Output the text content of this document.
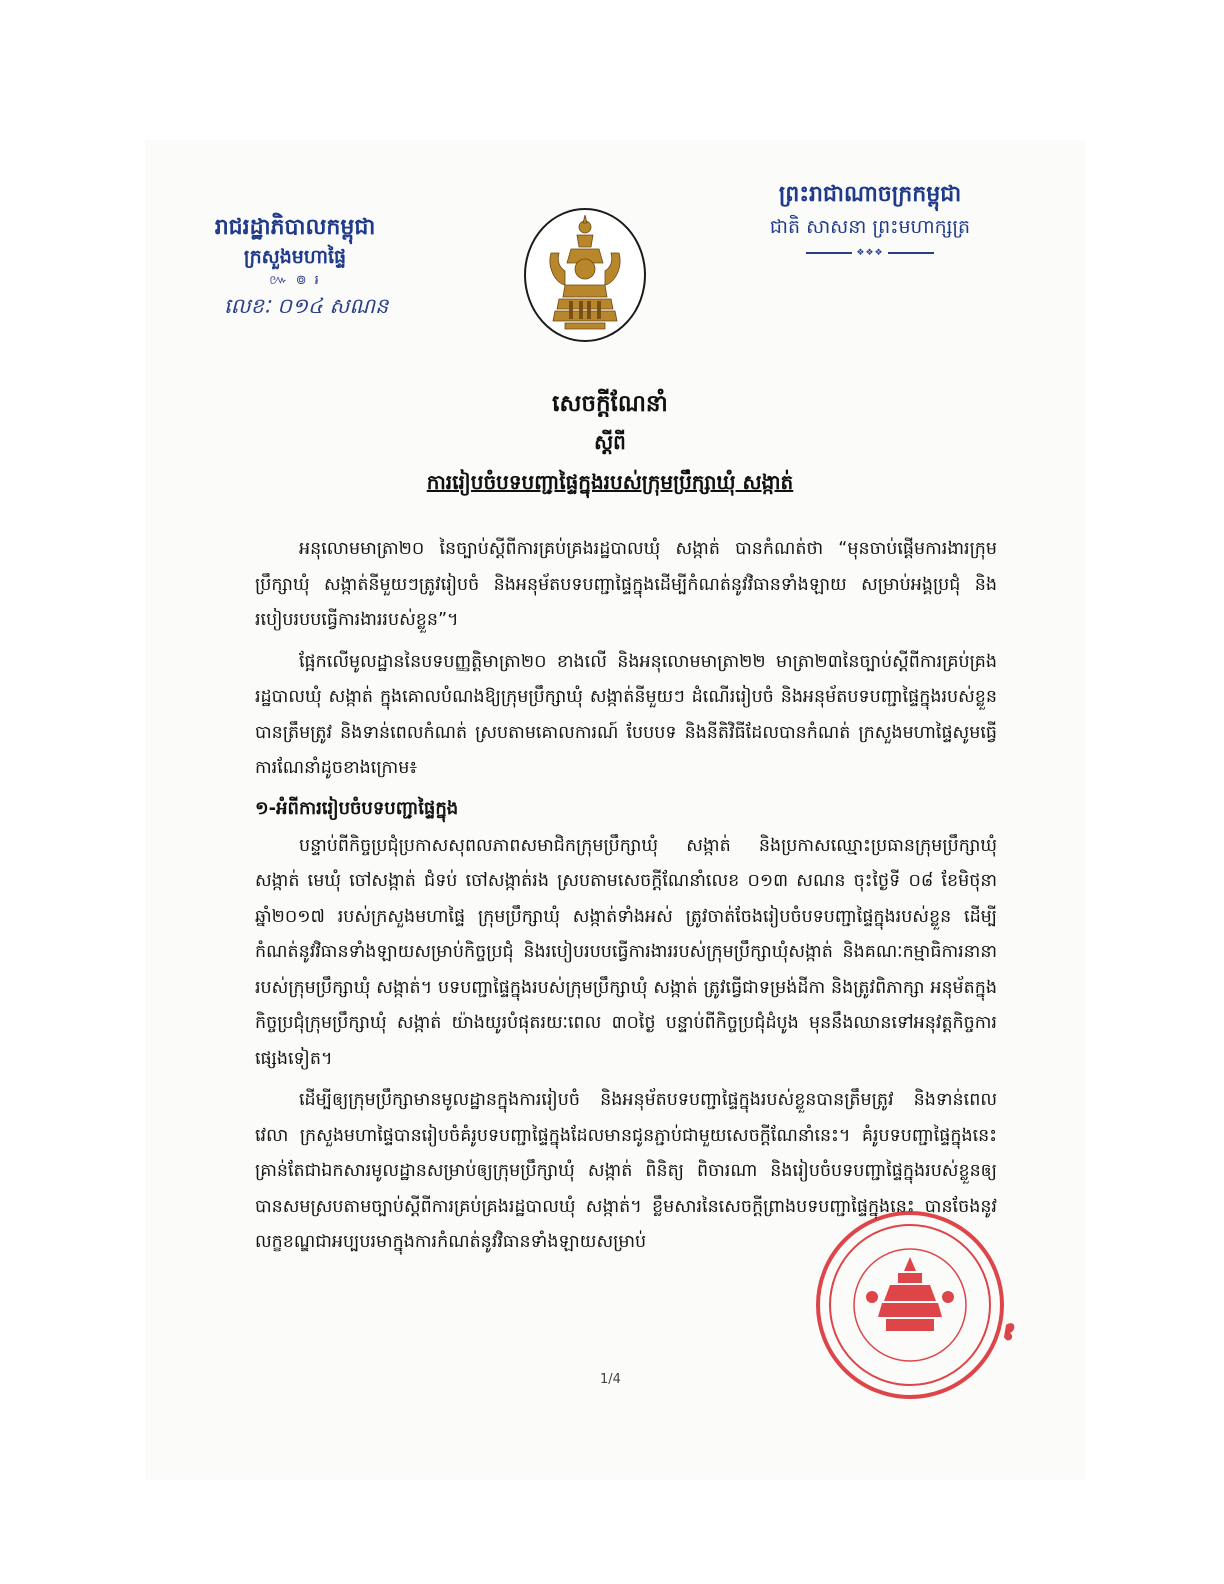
រាជរដ្ឋាភិបាលកម្ពុជា
ក្រសួងមហាផ្ទៃ
៚ ៙ ៛
លេខៈ ០១៤ សណន
ព្រះរាជាណាចក្រកម្ពុជា
ជាតិ សាសនា ព្រះមហាក្សត្រ
❖❖❖
សេចក្តីណែនាំ
ស្តីពី
ការរៀបចំបទបញ្ជាផ្ទៃក្នុងរបស់ក្រុមប្រឹក្សាឃុំ សង្កាត់

អនុលោមមាត្រា២០ នៃច្បាប់ស្តីពីការគ្រប់គ្រងរដ្ឋបាលឃុំ សង្កាត់ បានកំណត់ថា “មុនចាប់ផ្តើមការងារក្រុមប្រឹក្សាឃុំ សង្កាត់នីមួយៗត្រូវរៀបចំ និងអនុម័តបទបញ្ជាផ្ទៃក្នុងដើម្បីកំណត់នូវវិធានទាំងឡាយ សម្រាប់អង្គប្រជុំ និងរបៀបរបបធ្វើការងាររបស់ខ្លួន”។

ផ្អែកលើមូលដ្ឋាននៃបទបញ្ញត្តិមាត្រា២០ ខាងលើ និងអនុលោមមាត្រា២២ មាត្រា២៣នៃច្បាប់ស្តីពីការគ្រប់គ្រងរដ្ឋបាលឃុំ សង្កាត់ ក្នុងគោលបំណងឱ្យក្រុមប្រឹក្សាឃុំ សង្កាត់នីមួយៗ ដំណើររៀបចំ និងអនុម័តបទបញ្ជាផ្ទៃក្នុងរបស់ខ្លួន បានត្រឹមត្រូវ និងទាន់ពេលកំណត់ ស្របតាមគោលការណ៍ បែបបទ និងនីតិវិធីដែលបានកំណត់ ក្រសួងមហាផ្ទៃសូមធ្វើការណែនាំដូចខាងក្រោម៖

១-អំពីការរៀបចំបទបញ្ជាផ្ទៃក្នុង

បន្ទាប់ពីកិច្ចប្រជុំប្រកាសសុពលភាពសមាជិកក្រុមប្រឹក្សាឃុំ សង្កាត់ និងប្រកាសឈ្មោះប្រធានក្រុមប្រឹក្សាឃុំ សង្កាត់ មេឃុំ ចៅសង្កាត់ ជំទប់ ចៅសង្កាត់រង ស្របតាមសេចក្តីណែនាំលេខ ០១៣ សណន ចុះថ្ងៃទី ០៨ ខែមិថុនា ឆ្នាំ២០១៧ របស់ក្រសួងមហាផ្ទៃ ក្រុមប្រឹក្សាឃុំ សង្កាត់ទាំងអស់ ត្រូវចាត់ចែងរៀបចំបទបញ្ជាផ្ទៃក្នុងរបស់ខ្លួន ដើម្បីកំណត់នូវវិធានទាំងឡាយសម្រាប់កិច្ចប្រជុំ និងរបៀបរបបធ្វើការងាររបស់ក្រុមប្រឹក្សាឃុំសង្កាត់ និងគណៈកម្មាធិការនានារបស់ក្រុមប្រឹក្សាឃុំ សង្កាត់។ បទបញ្ជាផ្ទៃក្នុងរបស់ក្រុមប្រឹក្សាឃុំ សង្កាត់ ត្រូវធ្វើជាទម្រង់ដីកា និងត្រូវពិភាក្សា អនុម័តក្នុងកិច្ចប្រជុំក្រុមប្រឹក្សាឃុំ សង្កាត់ យ៉ាងយូរបំផុតរយៈពេល ៣០ថ្ងៃ បន្ទាប់ពីកិច្ចប្រជុំដំបូង មុននឹងឈានទៅអនុវត្តកិច្ចការផ្សេងទៀត។

ដើម្បីឲ្យក្រុមប្រឹក្សាមានមូលដ្ឋានក្នុងការរៀបចំ និងអនុម័តបទបញ្ជាផ្ទៃក្នុងរបស់ខ្លួនបានត្រឹមត្រូវ និងទាន់ពេលវេលា ក្រសួងមហាផ្ទៃបានរៀបចំគំរូបទបញ្ជាផ្ទៃក្នុងដែលមានជូនភ្ជាប់ជាមួយសេចក្តីណែនាំនេះ។ គំរូបទបញ្ជាផ្ទៃក្នុងនេះ គ្រាន់តែជាឯកសារមូលដ្ឋានសម្រាប់ឲ្យក្រុមប្រឹក្សាឃុំ សង្កាត់ ពិនិត្យ ពិចារណា និងរៀបចំបទបញ្ជាផ្ទៃក្នុងរបស់ខ្លួនឲ្យបានសមស្របតាមច្បាប់ស្តីពីការគ្រប់គ្រងរដ្ឋបាលឃុំ សង្កាត់។ ខ្លឹមសារនៃសេចក្តីព្រាងបទបញ្ជាផ្ទៃក្នុងនេះ បានចែងនូវលក្ខខណ្ឌជាអប្បបរមាក្នុងការកំណត់នូវវិធានទាំងឡាយសម្រាប់

1/4
